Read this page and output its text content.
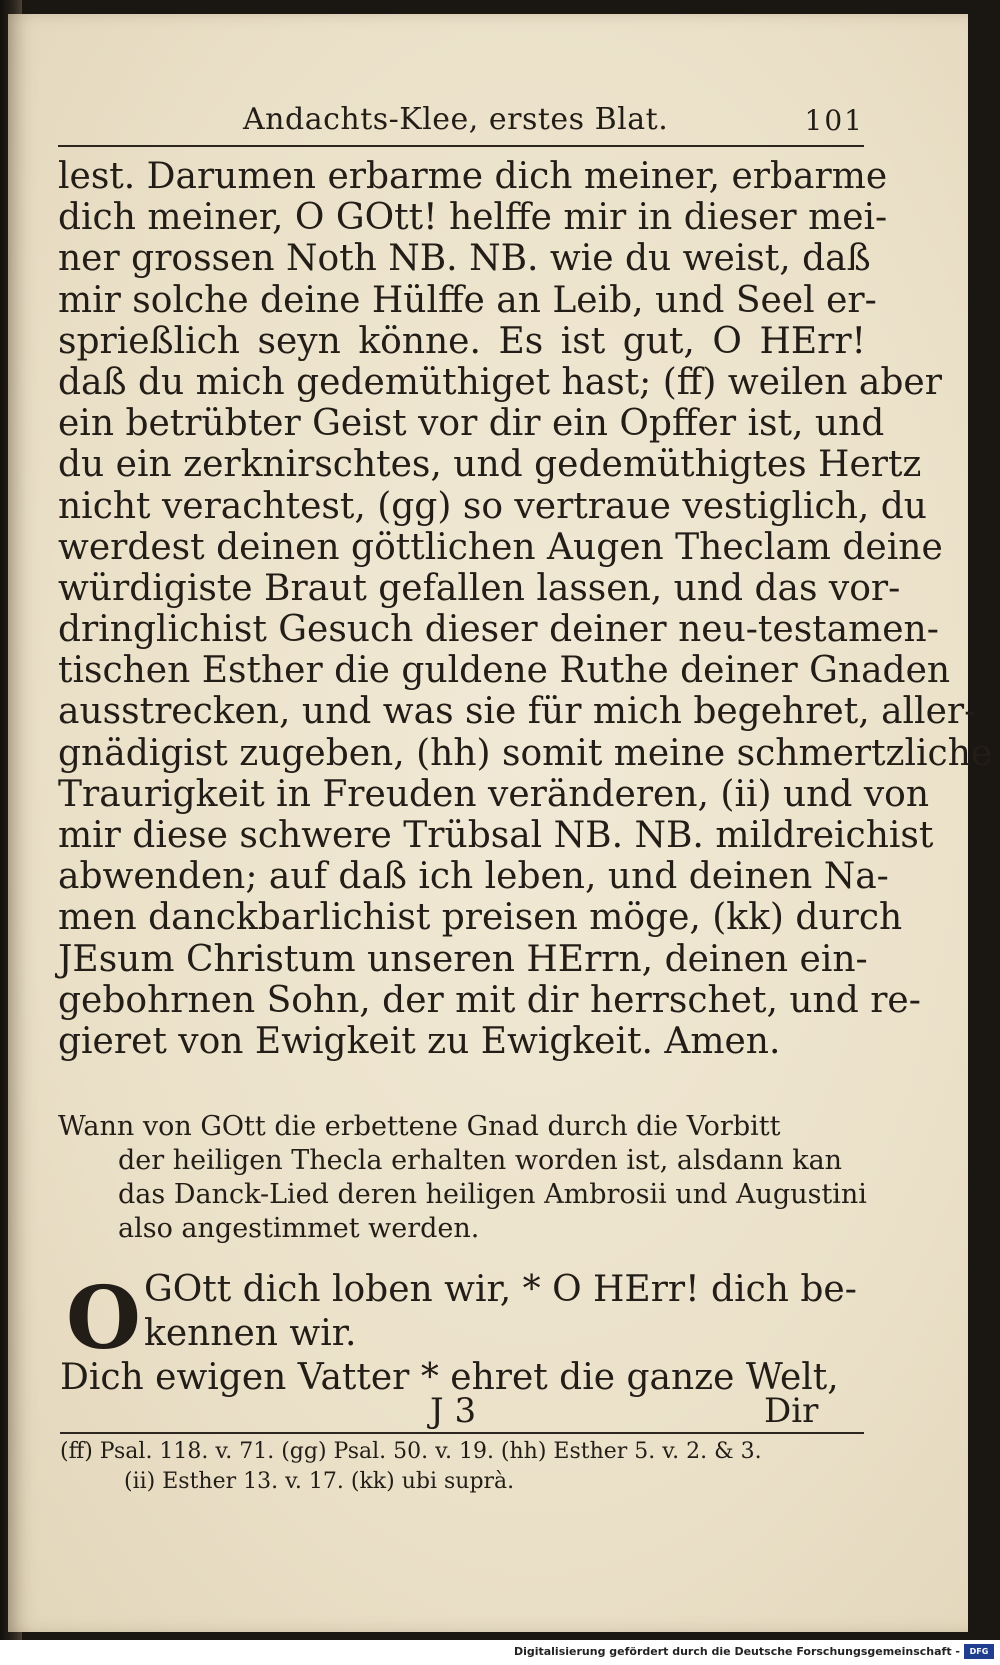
Andachts-Klee, erstes Blat.	101
lest. Darumen erbarme dich meiner, erbarme
dich meiner, O GOtt! helffe mir in dieser mei-
ner grossen Noth NB. NB. wie du weist, daß
mir solche deine Hülffe an Leib, und Seel er-
sprießlich seyn könne. Es ist gut, O HErr!
daß du mich gedemüthiget hast; (ff) weilen aber
ein betrübter Geist vor dir ein Opffer ist, und
du ein zerknirschtes, und gedemüthigtes Hertz
nicht verachtest, (gg) so vertraue vestiglich, du
werdest deinen göttlichen Augen Theclam deine
würdigiste Braut gefallen lassen, und das vor-
dringlichist Gesuch dieser deiner neu-testamen-
tischen Esther die guldene Ruthe deiner Gnaden
ausstrecken, und was sie für mich begehret, aller-
gnädigist zugeben, (hh) somit meine schmertzliche
Traurigkeit in Freuden veränderen, (ii) und von
mir diese schwere Trübsal NB. NB. mildreichist
abwenden; auf daß ich leben, und deinen Na-
men danckbarlichist preisen möge, (kk) durch
JEsum Christum unseren HErrn, deinen ein-
gebohrnen Sohn, der mit dir herrschet, und re-
gieret von Ewigkeit zu Ewigkeit. Amen.
Wann von GOtt die erbettene Gnad durch die Vorbitt
der heiligen Thecla erhalten worden ist, alsdann kan
das Danck-Lied deren heiligen Ambrosii und Augustini
also angestimmet werden.
O GOtt dich loben wir, * O HErr! dich be-
kennen wir.
Dich ewigen Vatter * ehret die ganze Welt,
J 3	Dir
(ff) Psal. 118. v. 71. (gg) Psal. 50. v. 19. (hh) Esther 5. v. 2. & 3.
(ii) Esther 13. v. 17. (kk) ubi suprà.
Digitalisierung gefördert durch die Deutsche Forschungsgemeinschaft -	DFG
